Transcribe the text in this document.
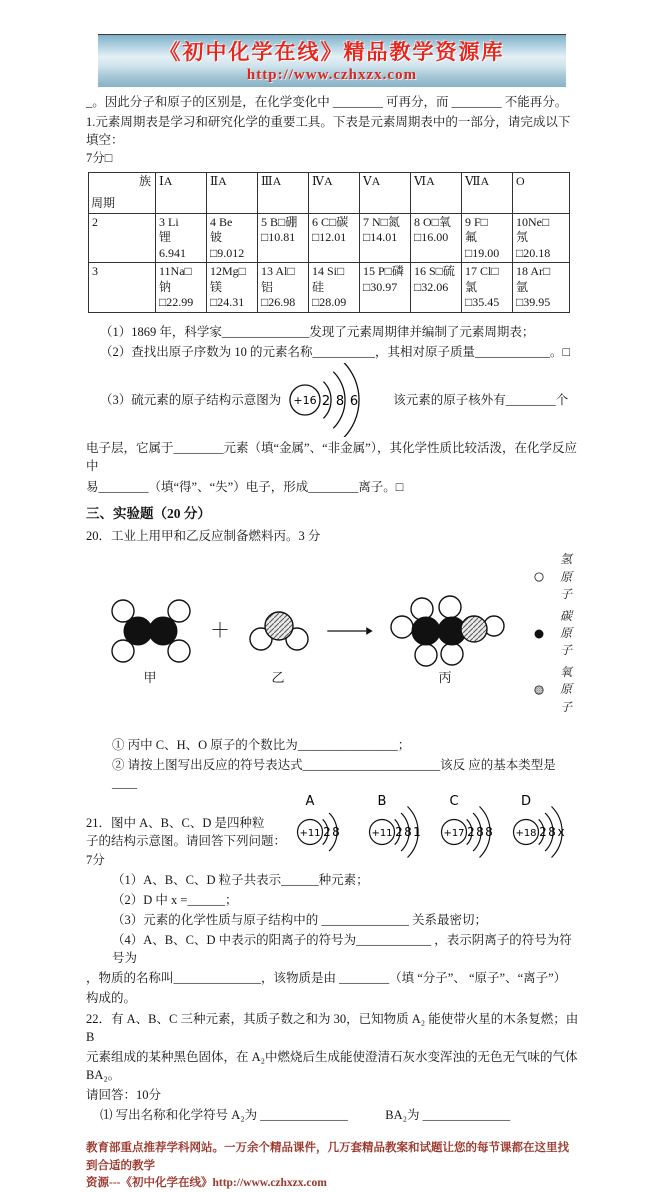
《初中化学在线》精品教学资源库
http://www.czhxzx.com

_。因此分子和原子的区别是，在化学变化中 ________ 可再分，而 ________ 不能再分。

1.元素周期表是学习和研究化学的重要工具。下表是元素周期表中的一部分，请完成以下填空：
7分□

族
周期	ⅠA	ⅡA	ⅢA	ⅣA	ⅤA	ⅥA	ⅦA	O
2	3 Li
锂
6.941	4 Be
铍
□9.012	5 B□硼
□10.81	6 C□碳
□12.01	7 N□氮
□14.01	8 O□氧
□16.00	9 F□
氟
□19.00	10Ne□
氖
□20.18
3	11Na□
钠
□22.99	12Mg□
镁
□24.31	13 Al□
铝
□26.98	14 Si□
硅
□28.09	15 P□磷
□30.97	16 S□硫
□32.06	17 Cl□
氯
□35.45	18 Ar□
氩
□39.95

（1）1869 年，科学家______________发现了元素周期律并编制了元素周期表；

（2）查找出原子序数为 10 的元素名称__________，其相对原子质量____________。□

（3）硫元素的原子结构示意图为 +16 2 8 6	该元素的原子核外有________个

电子层，它属于________元素（填“金属”、“非金属”），其化学性质比较活泼，在化学反应中

易________（填“得”、“失”）电子，形成________离子。□

三、实验题（20 分）

20．工业上用甲和乙反应制备燃料丙。3 分

甲
＋
乙	丙
氢原子
碳原子
氧原子

① 丙中 C、H、O 原子的个数比为________________；

② 请按上图写出反应的符号表达式______________________该反 应的基本类型是 ____

21．图中 A、B、C、D 是四种粒
子的结构示意图。请回答下列问题：7分
A
+11 2 8
B
+11 2 8 1
C
+17 2 8 8
D
+18 2 8 x

（1）A、B、C、D 粒子共表示______种元素；

（2）D 中 x =______；

（3）元素的化学性质与原子结构中的 ______________ 关系最密切；

（4）A、B、C、D 中表示的阳离子的符号为____________ ，表示阴离子的符号为符号为

，物质的名称叫______________，该物质是由 ________（填 “分子”、 “原子”、“离子”）

构成的。

22．有 A、B、C 三种元素，其质子数之和为 30，已知物质 A₂ 能使带火星的木条复燃；由 B

元素组成的某种黑色固体，在 A₂中燃烧后生成能使澄清石灰水变浑浊的无色无气味的气体 BA₂。

请回答：10分

⑴ 写出名称和化学符号 A₂为 ______________　　　BA₂为 ______________

教育部重点推荐学科网站。一万余个精品课件，几万套精品教案和试题让您的每节课都在这里找到合适的教学
资源---《初中化学在线》http://www.czhxzx.com
